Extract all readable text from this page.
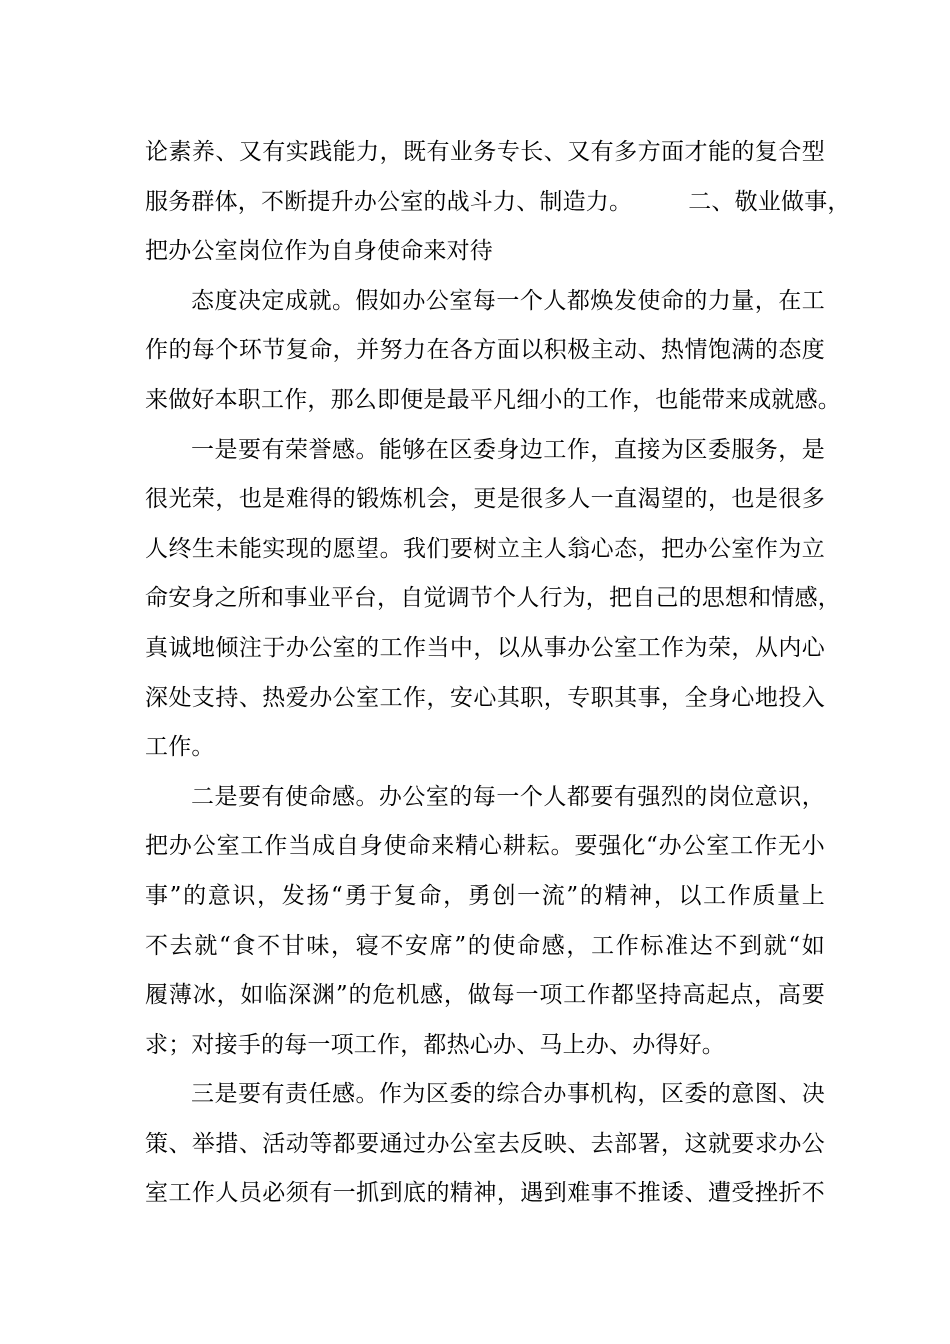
论素养、又有实践能力，既有业务专长、又有多方面才能的复合型
服务群体，不断提升办公室的战斗力、制造力。 二、敬业做事，
把办公室岗位作为自身使命来对待
态度决定成就。假如办公室每一个人都焕发使命的力量，在工
作的每个环节复命，并努力在各方面以积极主动、热情饱满的态度
来做好本职工作，那么即便是最平凡细小的工作，也能带来成就感。
一是要有荣誉感。能够在区委身边工作，直接为区委服务，是
很光荣，也是难得的锻炼机会，更是很多人一直渴望的，也是很多
人终生未能实现的愿望。我们要树立主人翁心态，把办公室作为立
命安身之所和事业平台，自觉调节个人行为，把自己的思想和情感，
真诚地倾注于办公室的工作当中，以从事办公室工作为荣，从内心
深处支持、热爱办公室工作，安心其职，专职其事，全身心地投入
工作。
二是要有使命感。办公室的每一个人都要有强烈的岗位意识，
把办公室工作当成自身使命来精心耕耘。要强化“办公室工作无小
事”的意识，发扬“勇于复命，勇创一流”的精神，以工作质量上
不去就“食不甘味，寝不安席”的使命感，工作标准达不到就“如
履薄冰，如临深渊”的危机感，做每一项工作都坚持高起点，高要
求；对接手的每一项工作，都热心办、马上办、办得好。
三是要有责任感。作为区委的综合办事机构，区委的意图、决
策、举措、活动等都要通过办公室去反映、去部署，这就要求办公
室工作人员必须有一抓到底的精神，遇到难事不推诿、遭受挫折不
